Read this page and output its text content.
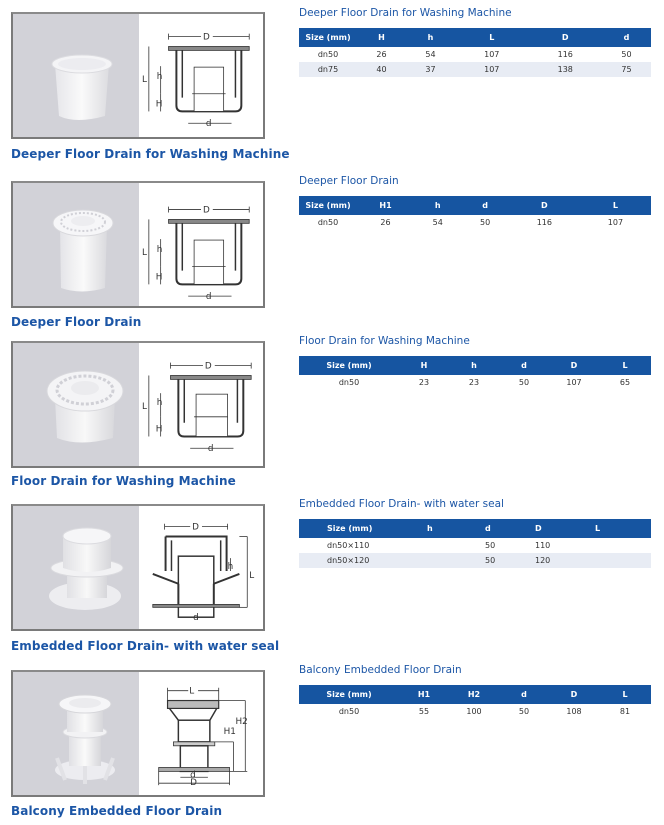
D
L h
H
d
Deeper Floor Drain for Washing Machine
Deeper Floor Drain for Washing Machine
Size (mm)	H	h	L	D	d
dn50	26	54	107	116	50
dn75	40	37	107	138	75
D
L h
H
d
Deeper Floor Drain
Deeper Floor Drain
Size (mm)	H1	h	d	D	L
dn50	26	54	50	116	107
D
L h
H
d
Floor Drain for Washing Machine
Floor Drain for Washing Machine
Size (mm)	H	h	d	D	L
dn50	23	23	50	107	65
D
L
h
d
Embedded Floor Drain- with water seal
Embedded Floor Drain- with water seal
Size (mm)	h	d	D	L
dn50×110		50	110	
dn50×120		50	120	
L
H2
H1
d
D
Balcony Embedded Floor Drain
Balcony Embedded Floor Drain
Size (mm)	H1	H2	d	D	L
dn50	55	100	50	108	81
